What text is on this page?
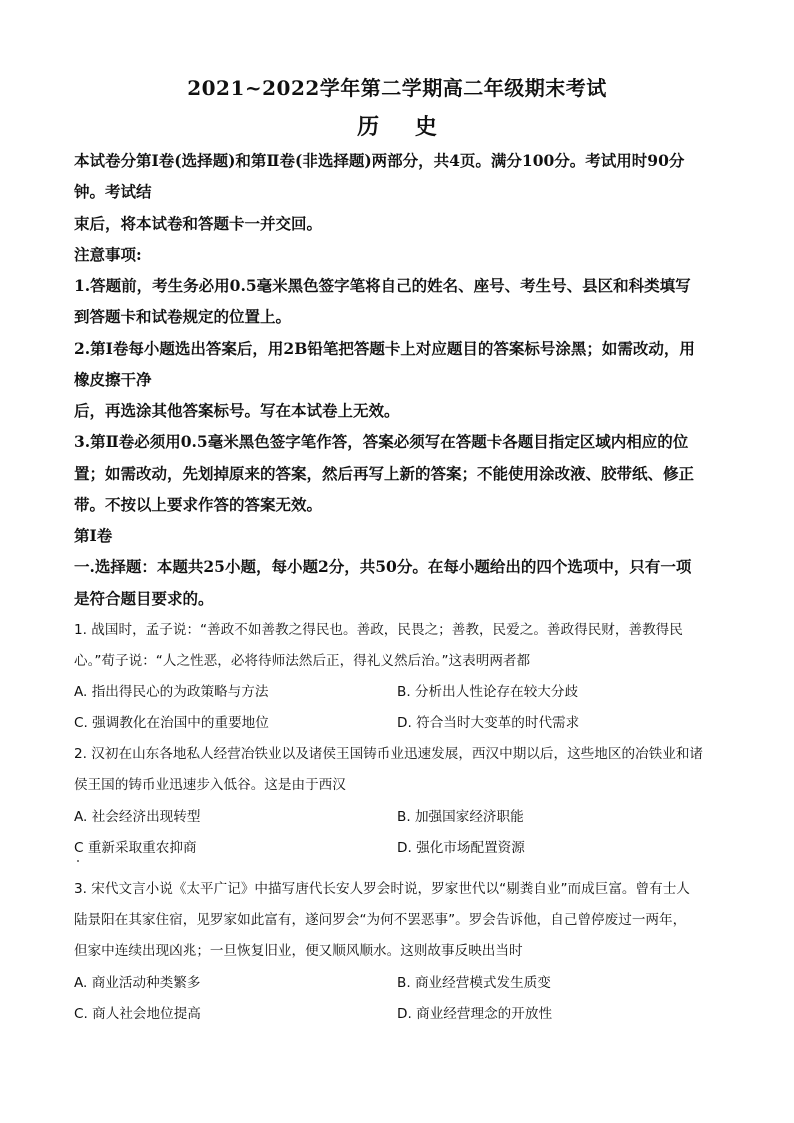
2021~2022学年第二学期高二年级期末考试
历 史
本试卷分第Ⅰ卷(选择题)和第Ⅱ卷(非选择题)两部分，共4页。满分100分。考试用时90分
钟。考试结
束后，将本试卷和答题卡一并交回。
注意事项:
1.答题前，考生务必用0.5毫米黑色签字笔将自己的姓名、座号、考生号、县区和科类填写
到答题卡和试卷规定的位置上。
2.第Ⅰ卷每小题选出答案后，用2B铅笔把答题卡上对应题目的答案标号涂黑；如需改动，用
橡皮擦干净
后，再选涂其他答案标号。写在本试卷上无效。
3.第Ⅱ卷必须用0.5毫米黑色签字笔作答，答案必须写在答题卡各题目指定区域内相应的位
置；如需改动，先划掉原来的答案，然后再写上新的答案；不能使用涂改液、胶带纸、修正
带。不按以上要求作答的答案无效。
第Ⅰ卷
一.选择题：本题共25小题，每小题2分，共50分。在每小题给出的四个选项中，只有一项
是符合题目要求的。
1. 战国时，孟子说：“善政不如善教之得民也。善政，民畏之；善教，民爱之。善政得民财，善教得民
心。”荀子说：“人之性恶，必将待师法然后正，得礼义然后治。”这表明两者都
A. 指出得民心的为政策略与方法	B. 分析出人性论存在较大分歧
C. 强调教化在治国中的重要地位	D. 符合当时大变革的时代需求
2. 汉初在山东各地私人经营冶铁业以及诸侯王国铸币业迅速发展，西汉中期以后，这些地区的冶铁业和诸
侯王国的铸币业迅速步入低谷。这是由于西汉
A. 社会经济出现转型	B. 加强国家经济职能
C 重新采取重农抑商	D. 强化市场配置资源
3. 宋代文言小说《太平广记》中描写唐代长安人罗会时说，罗家世代以“剔粪自业”而成巨富。曾有士人
陆景阳在其家住宿，见罗家如此富有，遂问罗会“为何不罢恶事”。罗会告诉他，自己曾停废过一两年，
但家中连续出现凶兆；一旦恢复旧业，便又顺风顺水。这则故事反映出当时
A. 商业活动种类繁多	B. 商业经营模式发生质变
C. 商人社会地位提高	D. 商业经营理念的开放性
